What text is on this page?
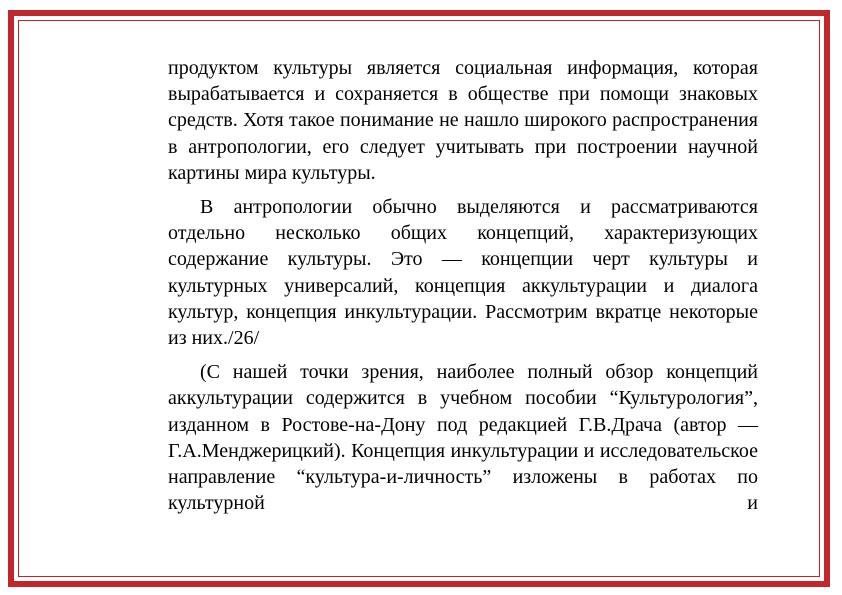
продуктом культуры является социальная информация, которая вырабатывается и сохраняется в обществе при помощи знаковых средств. Хотя такое понимание не нашло широкого распространения в антропологии, его следует учитывать при построении научной картины мира культуры.

В антропологии обычно выделяются и рассматриваются отдельно несколько общих концепций, характеризующих содержание культуры. Это — концепции черт культуры и культурных универсалий, концепция аккультурации и диалога культур, концепция инкультурации. Рассмотрим вкратце некоторые из них./26/

(С нашей точки зрения, наиболее полный обзор концепций аккультурации содержится в учебном пособии “Культурология”, изданном в Ростове-на-Дону под редакцией Г.В.Драча (автор — Г.А.Менджерицкий). Концепция инкультурации и исследовательское направление “культура-и-личность” изложены в работах по культурной и
